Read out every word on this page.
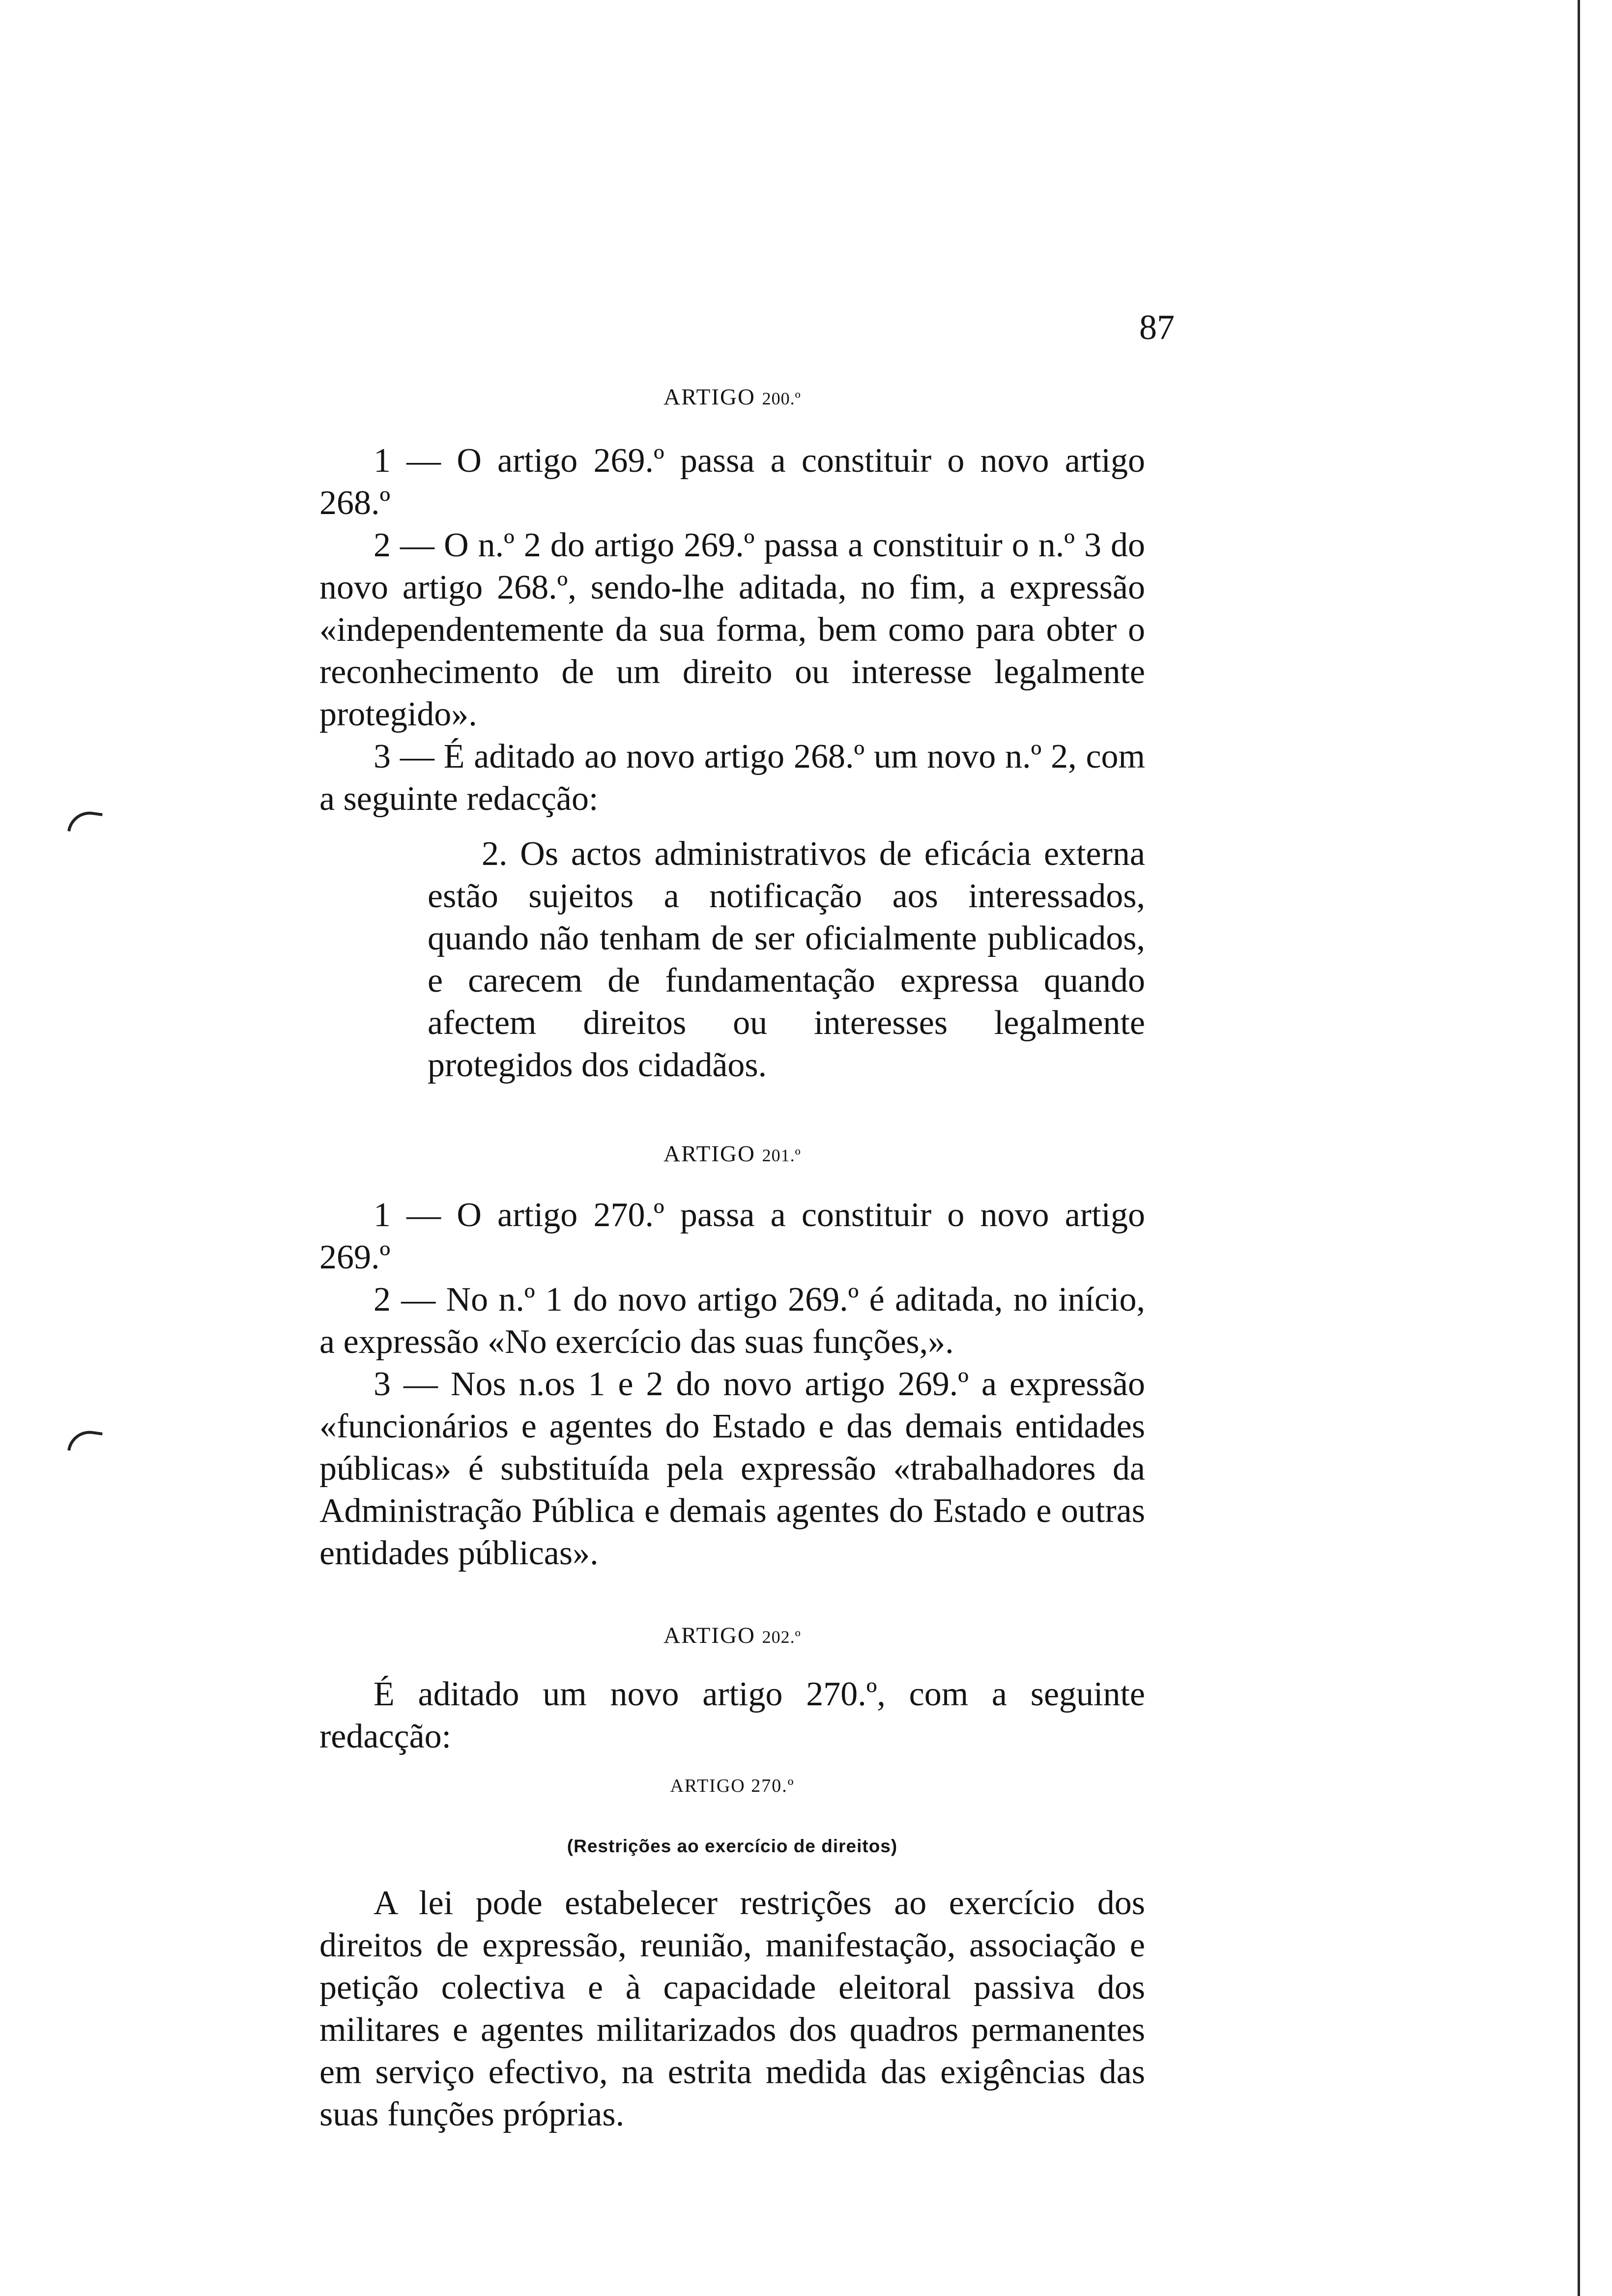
87
ARTIGO 200.º

1 — O artigo 269.º passa a constituir o novo artigo 268.º

2 — O n.º 2 do artigo 269.º passa a constituir o n.º 3 do novo artigo 268.º, sendo-lhe aditada, no fim, a expressão «independentemente da sua forma, bem como para obter o reconhecimento de um direito ou interesse legalmente protegido».

3 — É aditado ao novo artigo 268.º um novo n.º 2, com a seguinte redacção:

2. Os actos administrativos de eficácia externa estão sujeitos a notificação aos interessados, quando não tenham de ser oficialmente publicados, e carecem de fundamentação expressa quando afectem direitos ou interesses legalmente protegidos dos cidadãos.

ARTIGO 201.º

1 — O artigo 270.º passa a constituir o novo artigo 269.º

2 — No n.º 1 do novo artigo 269.º é aditada, no início, a expressão «No exercício das suas funções,».

3 — Nos n.os 1 e 2 do novo artigo 269.º a expressão «funcionários e agentes do Estado e das demais entidades públicas» é substituída pela expressão «trabalhadores da Administração Pública e demais agentes do Estado e outras entidades públicas».

ARTIGO 202.º

É aditado um novo artigo 270.º, com a seguinte redacção:

ARTIGO 270.º
(Restrições ao exercício de direitos)

A lei pode estabelecer restrições ao exercício dos direitos de expressão, reunião, manifestação, associação e petição colectiva e à capacidade eleitoral passiva dos militares e agentes militarizados dos quadros permanentes em serviço efectivo, na estrita medida das exigências das suas funções próprias.
